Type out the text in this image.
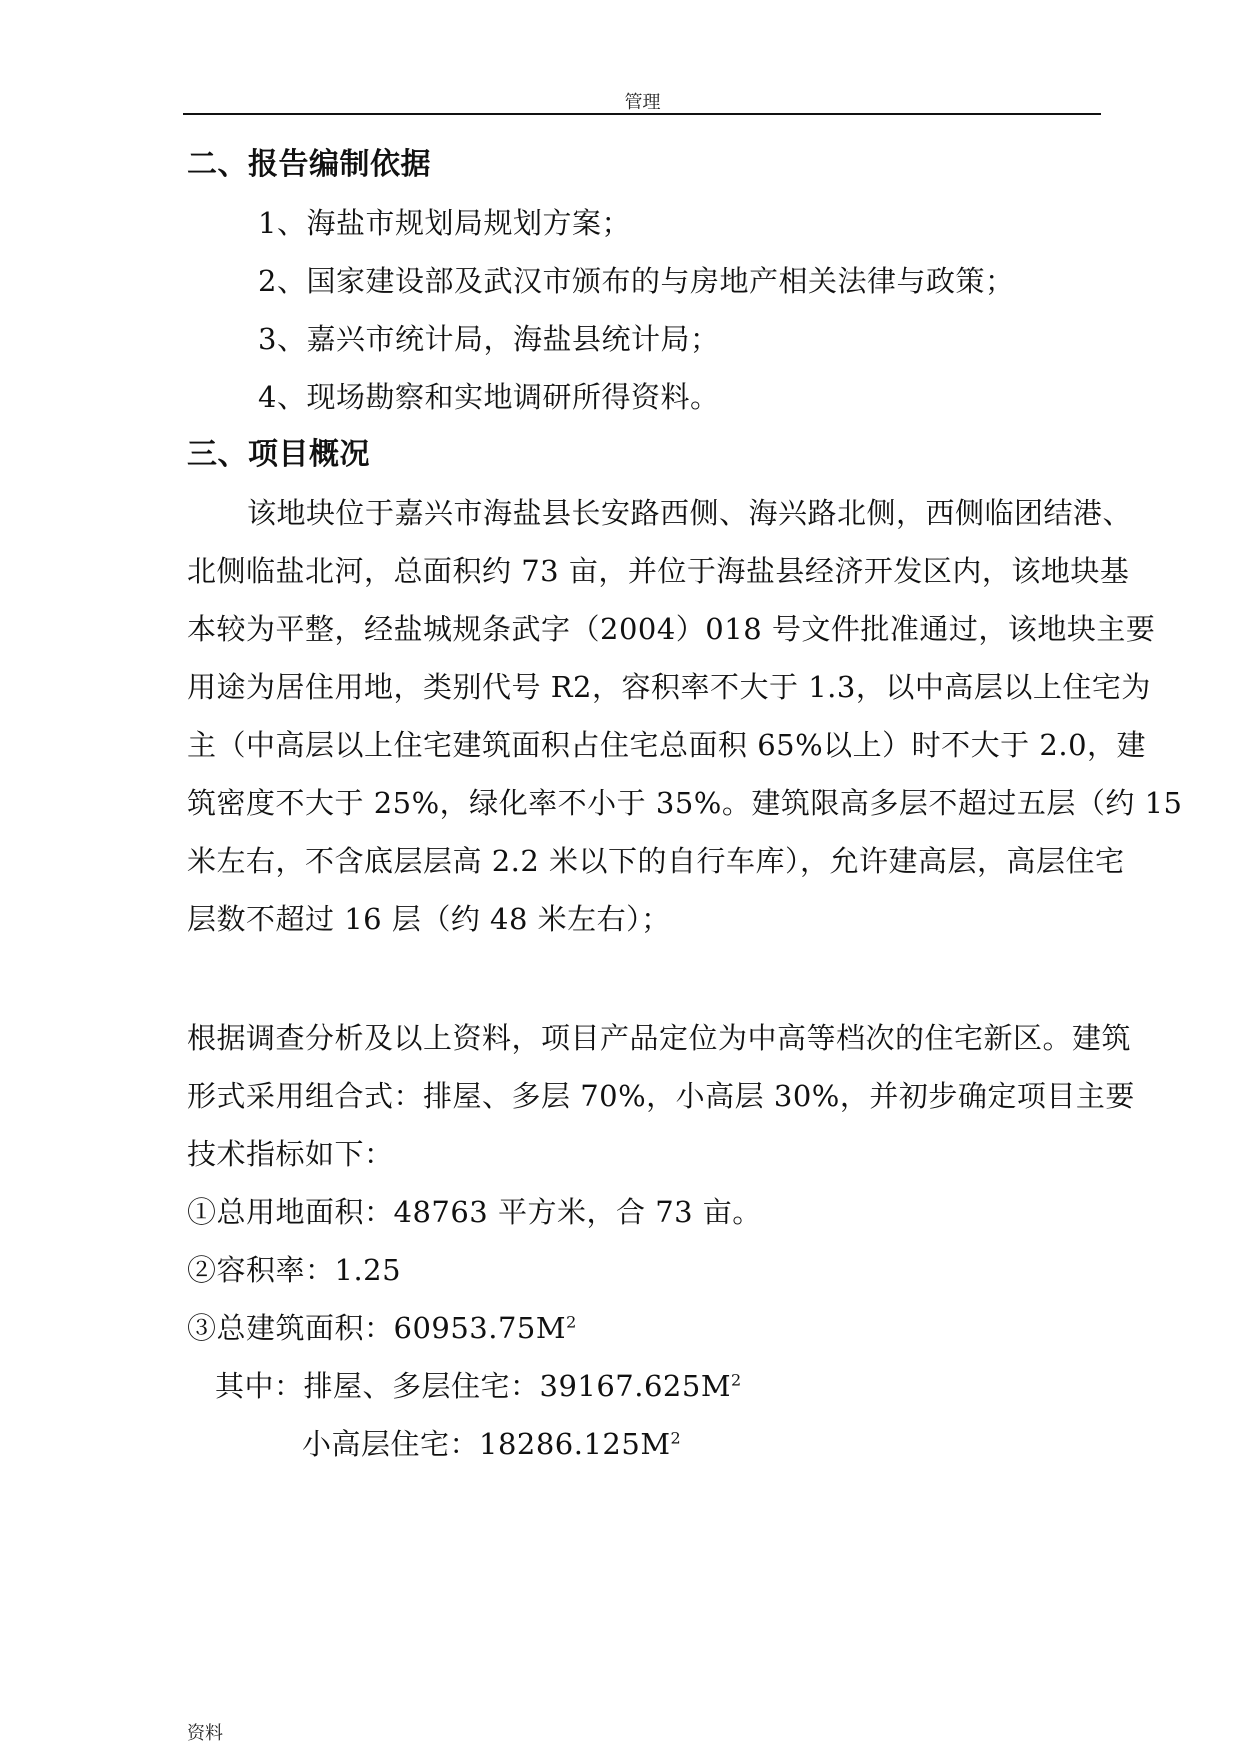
管理
二、报告编制依据
1、海盐市规划局规划方案；
2、国家建设部及武汉市颁布的与房地产相关法律与政策；
3、嘉兴市统计局，海盐县统计局；
4、现场勘察和实地调研所得资料。
三、项目概况
该地块位于嘉兴市海盐县长安路西侧、海兴路北侧，西侧临团结港、
北侧临盐北河，总面积约 73 亩，并位于海盐县经济开发区内，该地块基
本较为平整，经盐城规条武字（2004）018 号文件批准通过，该地块主要
用途为居住用地，类别代号 R2，容积率不大于 1.3，以中高层以上住宅为
主（中高层以上住宅建筑面积占住宅总面积 65%以上）时不大于 2.0，建
筑密度不大于 25%，绿化率不小于 35%。建筑限高多层不超过五层（约 15
米左右，不含底层层高 2.2 米以下的自行车库），允许建高层，高层住宅
层数不超过 16 层（约 48 米左右）；
根据调查分析及以上资料，项目产品定位为中高等档次的住宅新区。建筑
形式采用组合式：排屋、多层 70%，小高层 30%，并初步确定项目主要
技术指标如下：
①总用地面积：48763 平方米，合 73 亩。
②容积率：1.25
③总建筑面积：$60953.75M^2$
其中：排屋、多层住宅：$39167.625M^2$
小高层住宅：$18286.125M^2$
资料
